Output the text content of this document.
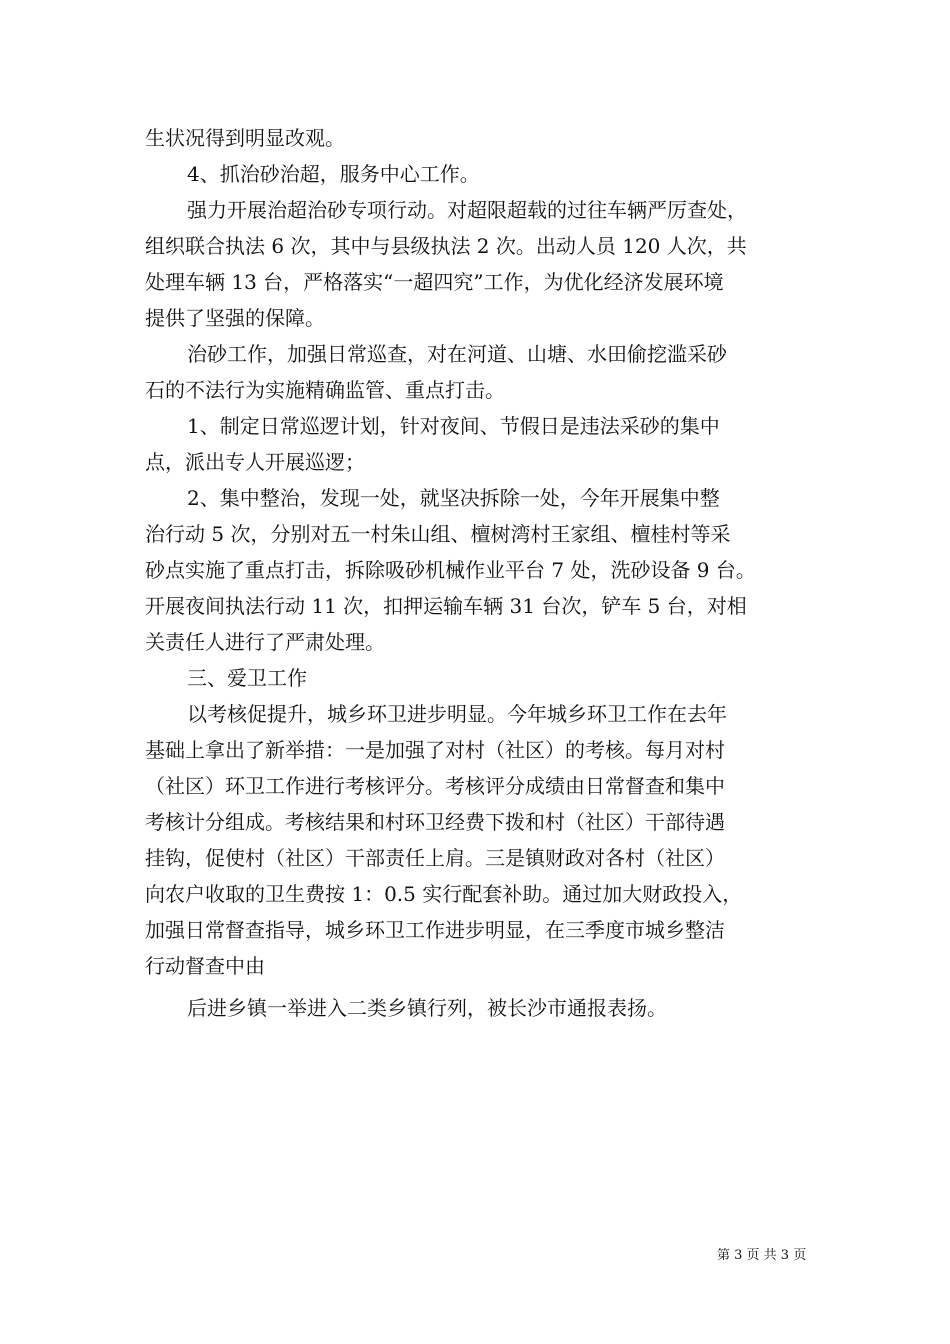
生状况得到明显改观。
4、抓治砂治超，服务中心工作。
强力开展治超治砂专项行动。对超限超载的过往车辆严厉查处，
组织联合执法 6 次，其中与县级执法 2 次。出动人员 120 人次，共
处理车辆 13 台，严格落实“一超四究”工作，为优化经济发展环境
提供了坚强的保障。
治砂工作，加强日常巡查，对在河道、山塘、水田偷挖滥采砂
石的不法行为实施精确监管、重点打击。
1、制定日常巡逻计划，针对夜间、节假日是违法采砂的集中
点，派出专人开展巡逻；
2、集中整治，发现一处，就坚决拆除一处，今年开展集中整
治行动 5 次，分别对五一村朱山组、檀树湾村王家组、檀桂村等采
砂点实施了重点打击，拆除吸砂机械作业平台 7 处，洗砂设备 9 台。
开展夜间执法行动 11 次，扣押运输车辆 31 台次，铲车 5 台，对相
关责任人进行了严肃处理。
三、爱卫工作
以考核促提升，城乡环卫进步明显。今年城乡环卫工作在去年
基础上拿出了新举措：一是加强了对村（社区）的考核。每月对村
（社区）环卫工作进行考核评分。考核评分成绩由日常督查和集中
考核计分组成。考核结果和村环卫经费下拨和村（社区）干部待遇
挂钩，促使村（社区）干部责任上肩。三是镇财政对各村（社区）
向农户收取的卫生费按 1：0.5 实行配套补助。通过加大财政投入，
加强日常督查指导，城乡环卫工作进步明显，在三季度市城乡整洁
行动督查中由
后进乡镇一举进入二类乡镇行列，被长沙市通报表扬。
第 3 页 共 3 页
